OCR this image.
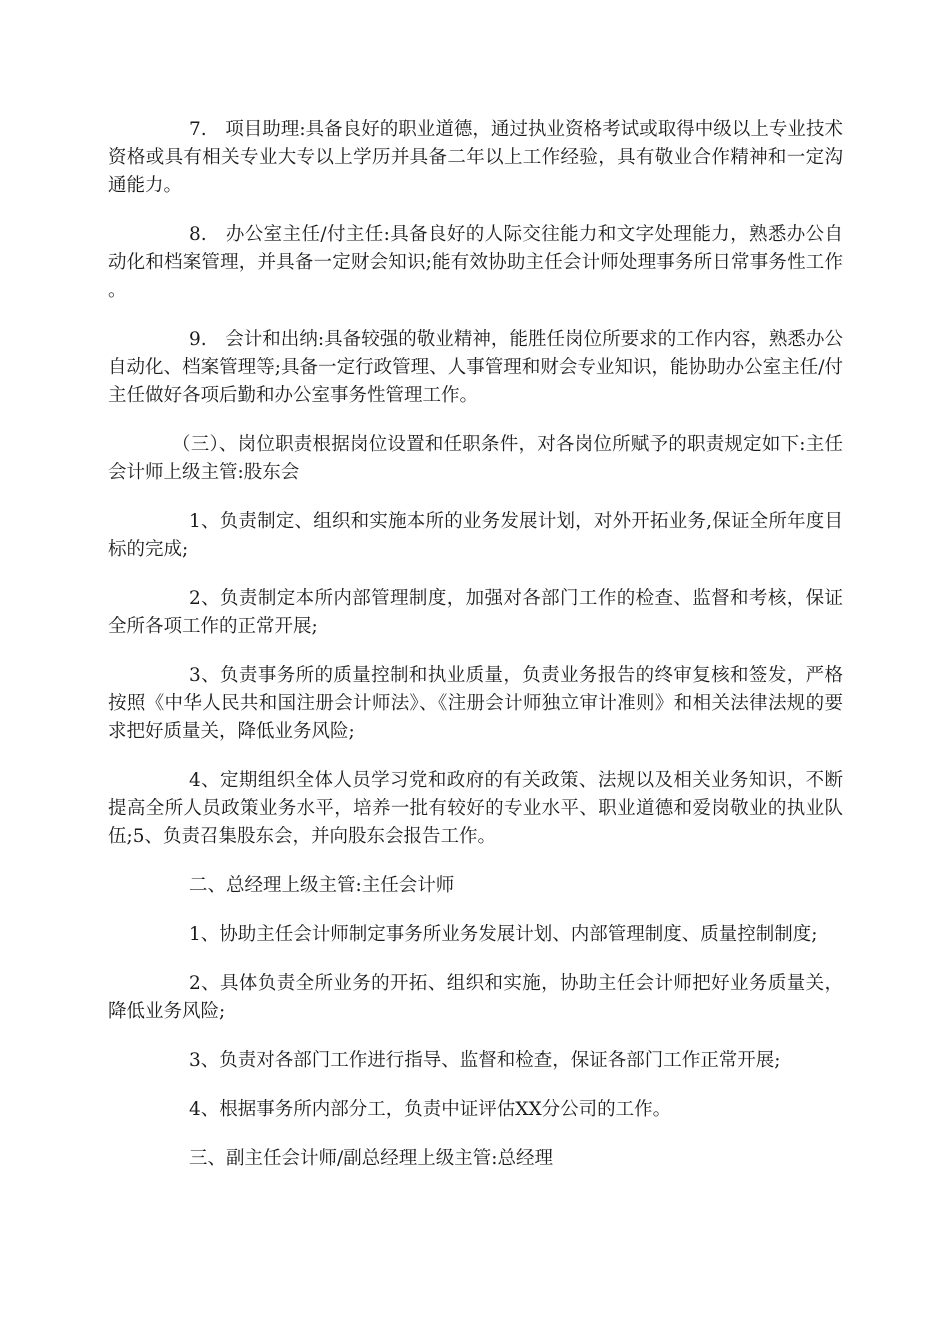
7.　项目助理:具备良好的职业道德，通过执业资格考试或取得中级以上专业技术资格或具有相关专业大专以上学历并具备二年以上工作经验，具有敬业合作精神和一定沟通能力。

8.　办公室主任/付主任:具备良好的人际交往能力和文字处理能力，熟悉办公自动化和档案管理，并具备一定财会知识;能有效协助主任会计师处理事务所日常事务性工作。

9.　会计和出纳:具备较强的敬业精神，能胜任岗位所要求的工作内容，熟悉办公自动化、档案管理等;具备一定行政管理、人事管理和财会专业知识，能协助办公室主任/付主任做好各项后勤和办公室事务性管理工作。

（三）、岗位职责根据岗位设置和任职条件，对各岗位所赋予的职责规定如下:主任会计师上级主管:股东会

1、负责制定、组织和实施本所的业务发展计划，对外开拓业务,保证全所年度目标的完成;

2、负责制定本所内部管理制度，加强对各部门工作的检查、监督和考核，保证全所各项工作的正常开展;

3、负责事务所的质量控制和执业质量，负责业务报告的终审复核和签发，严格按照《中华人民共和国注册会计师法》、《注册会计师独立审计准则》和相关法律法规的要求把好质量关，降低业务风险;

4、定期组织全体人员学习党和政府的有关政策、法规以及相关业务知识，不断提高全所人员政策业务水平，培养一批有较好的专业水平、职业道德和爱岗敬业的执业队伍;5、负责召集股东会，并向股东会报告工作。

二、总经理上级主管:主任会计师

1、协助主任会计师制定事务所业务发展计划、内部管理制度、质量控制制度;

2、具体负责全所业务的开拓、组织和实施，协助主任会计师把好业务质量关，降低业务风险;

3、负责对各部门工作进行指导、监督和检查，保证各部门工作正常开展;

4、根据事务所内部分工，负责中证评估XX分公司的工作。

三、副主任会计师/副总经理上级主管:总经理
